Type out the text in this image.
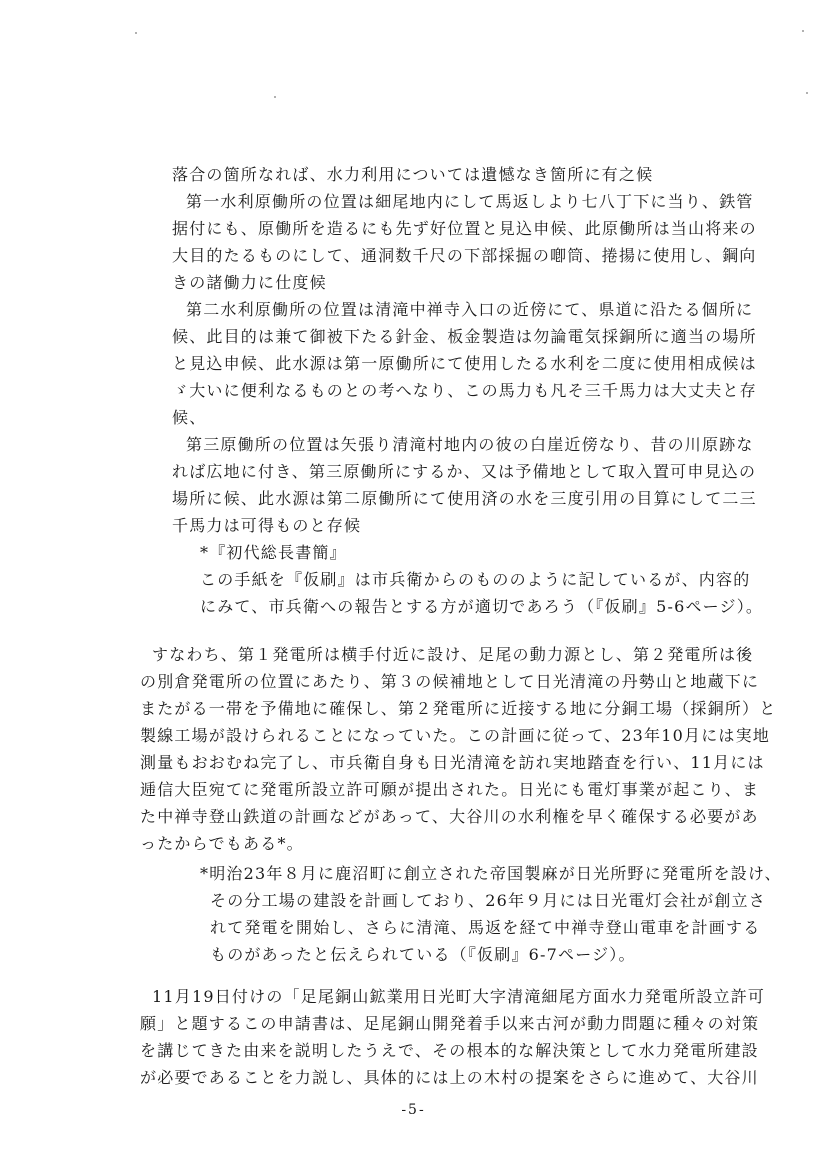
落合の箇所なれば、水力利用については遺憾なき箇所に有之候
第一水利原働所の位置は細尾地内にして馬返しより七八丁下に当り、鉄管
据付にも、原働所を造るにも先ず好位置と見込申候、此原働所は当山将来の
大目的たるものにして、通洞数千尺の下部採掘の喞筒、捲揚に使用し、鋼向
きの諸働力に仕度候
第二水利原働所の位置は清滝中禅寺入口の近傍にて、県道に沿たる個所に
候、此目的は兼て御被下たる針金、板金製造は勿論電気採銅所に適当の場所
と見込申候、此水源は第一原働所にて使用したる水利を二度に使用相成候は
ゞ大いに便利なるものとの考へなり、この馬力も凡そ三千馬力は大丈夫と存
候、
第三原働所の位置は矢張り清滝村地内の彼の白崖近傍なり、昔の川原跡な
れば広地に付き、第三原働所にするか、又は予備地として取入置可申見込の
場所に候、此水源は第二原働所にて使用済の水を三度引用の目算にして二三
千馬力は可得ものと存候
*『初代総長書簡』
この手紙を『仮刷』は市兵衛からのもののように記しているが、内容的
にみて、市兵衛への報告とする方が適切であろう（『仮刷』5-6ページ）。
すなわち、第１発電所は横手付近に設け、足尾の動力源とし、第２発電所は後
の別倉発電所の位置にあたり、第３の候補地として日光清滝の丹勢山と地蔵下に
またがる一帯を予備地に確保し、第２発電所に近接する地に分銅工場（採銅所）と
製線工場が設けられることになっていた。この計画に従って、23年10月には実地
測量もおおむね完了し、市兵衛自身も日光清滝を訪れ実地踏査を行い、11月には
逓信大臣宛てに発電所設立許可願が提出された。日光にも電灯事業が起こり、ま
た中禅寺登山鉄道の計画などがあって、大谷川の水利権を早く確保する必要があ
ったからでもある*。
*明治23年８月に鹿沼町に創立された帝国製麻が日光所野に発電所を設け、
その分工場の建設を計画しており、26年９月には日光電灯会社が創立さ
れて発電を開始し、さらに清滝、馬返を経て中禅寺登山電車を計画する
ものがあったと伝えられている（『仮刷』6-7ページ）。
11月19日付けの「足尾銅山鉱業用日光町大字清滝細尾方面水力発電所設立許可
願」と題するこの申請書は、足尾銅山開発着手以来古河が動力問題に種々の対策
を講じてきた由来を説明したうえで、その根本的な解決策として水力発電所建設
が必要であることを力説し、具体的には上の木村の提案をさらに進めて、大谷川
-5-
